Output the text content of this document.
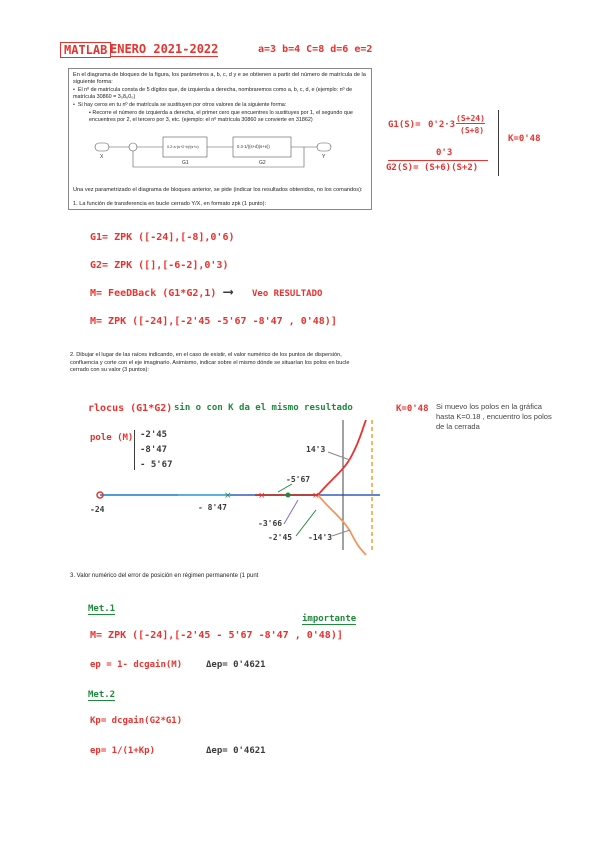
MATLAB ENERO 2021-2022	a=3 b=4 C=8 d=6 e=2
En el diagrama de bloques de la figura, los parámetros a, b, c, d y e se obtienen a partir del número de matrícula de la siguiente forma:
•  El nº de matrícula consta de 5 dígitos que, de izquierda a derecha, nombraremos como a, b, c, d, e (ejemplo: nº de matrícula 30860 = 3₀8₆0₀)
•  Si hay ceros en tu nº de matrícula se sustituyen por otros valores de la siguiente forma:
▪ Recorre el número de izquierda a derecha, el primer cero que encuentres lo sustituyes por 1, el segundo que encuentres por 2, el tercero por 3, etc. (ejemplo: el nº matrícula 30860 se convierte en 31862)
X	Y
0.2·a·(s+2·b)/(s+c)	0.3·1/((s+d)(s+e))
G1	G2
Una vez parametrizado el diagrama de bloques anterior, se pide (indicar los resultados obtenidos, no los comandos):
1. La función de transferencia en bucle cerrado Y/X, en formato zpk (1 punto):
G1(S)= 0'2·3
(S+24)
(S+8)
0'3
G2(S)= (S+6)(S+2)
K=0'48
G1= ZPK ([-24],[-8],0'6)
G2= ZPK ([],[-6-2],0'3)
M= FeeDBack (G1*G2,1) ⟶ Veo RESULTADO
M= ZPK ([-24],[-2'45 -5'67 -8'47 , 0'48)]
2. Dibujar el lugar de las raíces indicando, en el caso de existir, el valor numérico de los puntos de dispersión, confluencia y corte con el eje imaginario. Asimismo, indicar sobre el mismo dónde se situarían los polos en bucle cerrado con su valor (3 puntos):
rlocus (G1*G2) sin o con K da el mismo resultado	K=0'48 Si muevo los polos en la gráfica hasta K=0.18 , encuentro los polos de la cerrada
pole (M) -2'45
-8'47
- 5'67
×	×	×
-24	- 8'47
-5'67
-3'66
-2'45
14'3
-14'3
3. Valor numérico del error de posición en régimen permanente (1 punt
Met.1
importante
M= ZPK ([-24],[-2'45 - 5'67 -8'47 , 0'48)]
ep = 1- dcgain(M)	Δep= 0'4621
Met.2
Kp= dcgain(G2*G1)
ep= 1/(1+Kp)	Δep= 0'4621
